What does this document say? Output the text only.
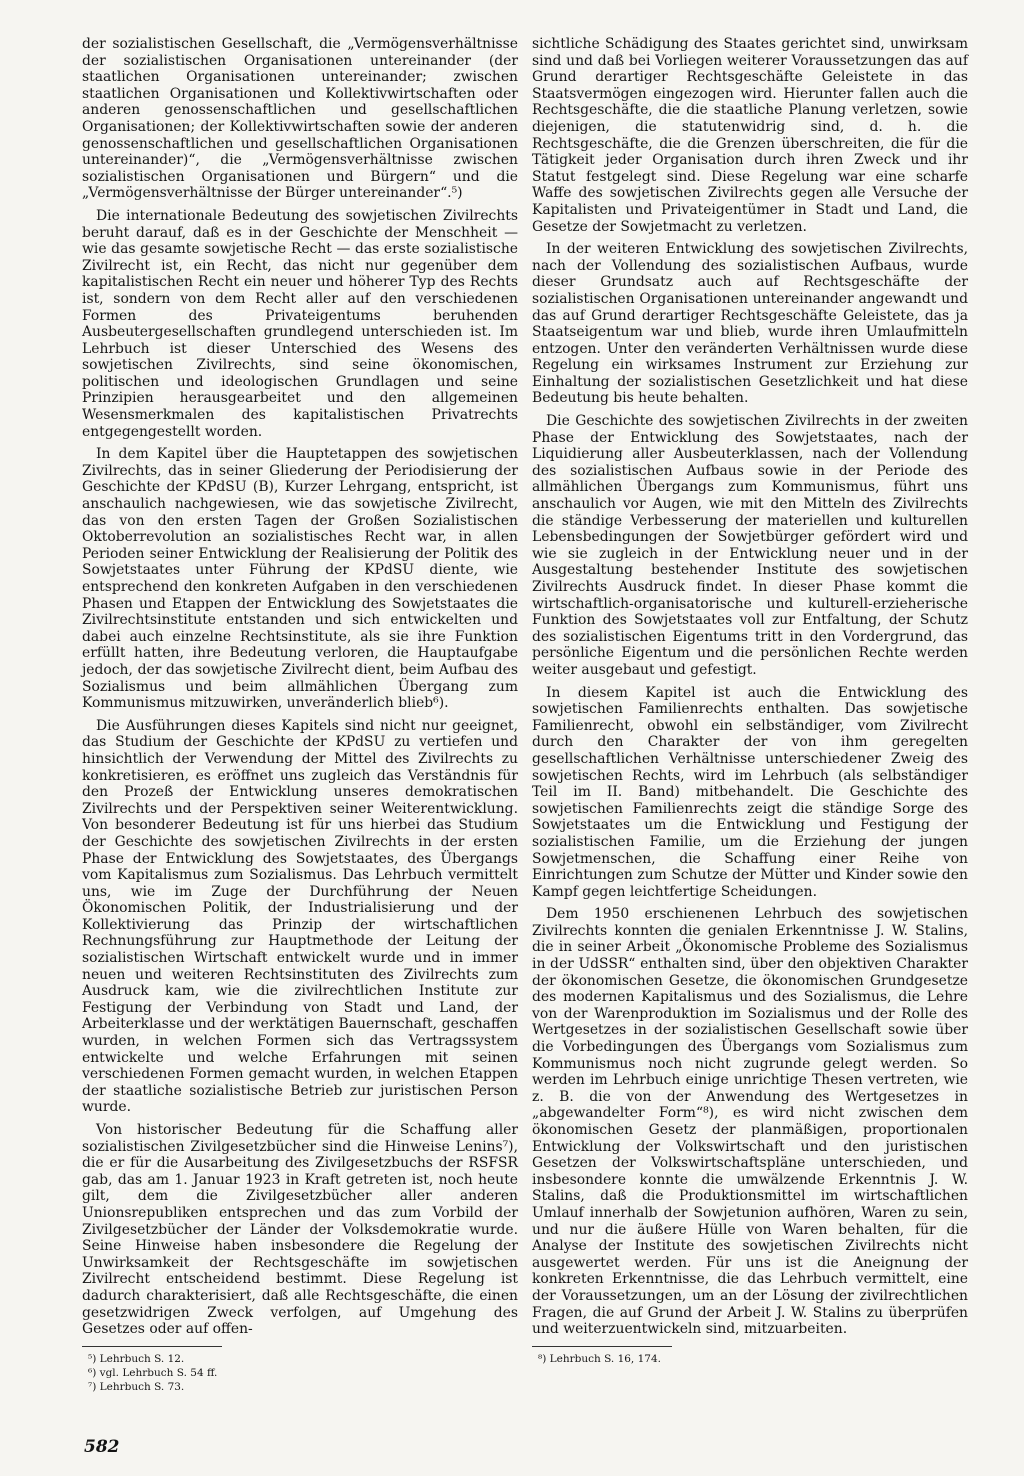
der sozialistischen Gesellschaft, die „Vermögensverhältnisse der sozialistischen Organisationen untereinander (der staatlichen Organisationen untereinander; zwischen staatlichen Organisationen und Kollektivwirtschaften oder anderen genossenschaftlichen und gesellschaftlichen Organisationen; der Kollektivwirtschaften sowie der anderen genossenschaftlichen und gesellschaftlichen Organisationen untereinander)“, die „Vermögensverhältnisse zwischen sozialistischen Organisationen und Bürgern“ und die „Vermögensverhältnisse der Bürger untereinander“.⁵)

Die internationale Bedeutung des sowjetischen Zivilrechts beruht darauf, daß es in der Geschichte der Menschheit — wie das gesamte sowjetische Recht — das erste sozialistische Zivilrecht ist, ein Recht, das nicht nur gegenüber dem kapitalistischen Recht ein neuer und höherer Typ des Rechts ist, sondern von dem Recht aller auf den verschiedenen Formen des Privateigentums beruhenden Ausbeutergesellschaften grundlegend unterschieden ist. Im Lehrbuch ist dieser Unterschied des Wesens des sowjetischen Zivilrechts, sind seine ökonomischen, politischen und ideologischen Grundlagen und seine Prinzipien herausgearbeitet und den allgemeinen Wesensmerkmalen des kapitalistischen Privatrechts entgegengestellt worden.

In dem Kapitel über die Hauptetappen des sowjetischen Zivilrechts, das in seiner Gliederung der Periodisierung der Geschichte der KPdSU (B), Kurzer Lehrgang, entspricht, ist anschaulich nachgewiesen, wie das sowjetische Zivilrecht, das von den ersten Tagen der Großen Sozialistischen Oktoberrevolution an sozialistisches Recht war, in allen Perioden seiner Entwicklung der Realisierung der Politik des Sowjetstaates unter Führung der KPdSU diente, wie entsprechend den konkreten Aufgaben in den verschiedenen Phasen und Etappen der Entwicklung des Sowjetstaates die Zivilrechtsinstitute entstanden und sich entwickelten und dabei auch einzelne Rechtsinstitute, als sie ihre Funktion erfüllt hatten, ihre Bedeutung verloren, die Hauptaufgabe jedoch, der das sowjetische Zivilrecht dient, beim Aufbau des Sozialismus und beim allmählichen Übergang zum Kommunismus mitzuwirken, unveränderlich blieb⁶).

Die Ausführungen dieses Kapitels sind nicht nur geeignet, das Studium der Geschichte der KPdSU zu vertiefen und hinsichtlich der Verwendung der Mittel des Zivilrechts zu konkretisieren, es eröffnet uns zugleich das Verständnis für den Prozeß der Entwicklung unseres demokratischen Zivilrechts und der Perspektiven seiner Weiterentwicklung. Von besonderer Bedeutung ist für uns hierbei das Studium der Geschichte des sowjetischen Zivilrechts in der ersten Phase der Entwicklung des Sowjetstaates, des Übergangs vom Kapitalismus zum Sozialismus. Das Lehrbuch vermittelt uns, wie im Zuge der Durchführung der Neuen Ökonomischen Politik, der Industrialisierung und der Kollektivierung das Prinzip der wirtschaftlichen Rechnungsführung zur Hauptmethode der Leitung der sozialistischen Wirtschaft entwickelt wurde und in immer neuen und weiteren Rechtsinstituten des Zivilrechts zum Ausdruck kam, wie die zivilrechtlichen Institute zur Festigung der Verbindung von Stadt und Land, der Arbeiterklasse und der werktätigen Bauernschaft, geschaffen wurden, in welchen Formen sich das Vertragssystem entwickelte und welche Erfahrungen mit seinen verschiedenen Formen gemacht wurden, in welchen Etappen der staatliche sozialistische Betrieb zur juristischen Person wurde.

Von historischer Bedeutung für die Schaffung aller sozialistischen Zivilgesetzbücher sind die Hinweise Lenins⁷), die er für die Ausarbeitung des Zivilgesetzbuchs der RSFSR gab, das am 1. Januar 1923 in Kraft getreten ist, noch heute gilt, dem die Zivilgesetzbücher aller anderen Unionsrepubliken entsprechen und das zum Vorbild der Zivilgesetzbücher der Länder der Volksdemokratie wurde. Seine Hinweise haben insbesondere die Regelung der Unwirksamkeit der Rechtsgeschäfte im sowjetischen Zivilrecht entscheidend bestimmt. Diese Regelung ist dadurch charakterisiert, daß alle Rechtsgeschäfte, die einen gesetzwidrigen Zweck verfolgen, auf Umgehung des Gesetzes oder auf offen-

⁵) Lehrbuch S. 12.
⁶) vgl. Lehrbuch S. 54 ff.
⁷) Lehrbuch S. 73.

sichtliche Schädigung des Staates gerichtet sind, unwirksam sind und daß bei Vorliegen weiterer Voraussetzungen das auf Grund derartiger Rechtsgeschäfte Geleistete in das Staatsvermögen eingezogen wird. Hierunter fallen auch die Rechtsgeschäfte, die die staatliche Planung verletzen, sowie diejenigen, die statutenwidrig sind, d. h. die Rechtsgeschäfte, die die Grenzen überschreiten, die für die Tätigkeit jeder Organisation durch ihren Zweck und ihr Statut festgelegt sind. Diese Regelung war eine scharfe Waffe des sowjetischen Zivilrechts gegen alle Versuche der Kapitalisten und Privateigentümer in Stadt und Land, die Gesetze der Sowjetmacht zu verletzen.

In der weiteren Entwicklung des sowjetischen Zivilrechts, nach der Vollendung des sozialistischen Aufbaus, wurde dieser Grundsatz auch auf Rechtsgeschäfte der sozialistischen Organisationen untereinander angewandt und das auf Grund derartiger Rechtsgeschäfte Geleistete, das ja Staatseigentum war und blieb, wurde ihren Umlaufmitteln entzogen. Unter den veränderten Verhältnissen wurde diese Regelung ein wirksames Instrument zur Erziehung zur Einhaltung der sozialistischen Gesetzlichkeit und hat diese Bedeutung bis heute behalten.

Die Geschichte des sowjetischen Zivilrechts in der zweiten Phase der Entwicklung des Sowjetstaates, nach der Liquidierung aller Ausbeuterklassen, nach der Vollendung des sozialistischen Aufbaus sowie in der Periode des allmählichen Übergangs zum Kommunismus, führt uns anschaulich vor Augen, wie mit den Mitteln des Zivilrechts die ständige Verbesserung der materiellen und kulturellen Lebensbedingungen der Sowjetbürger gefördert wird und wie sie zugleich in der Entwicklung neuer und in der Ausgestaltung bestehender Institute des sowjetischen Zivilrechts Ausdruck findet. In dieser Phase kommt die wirtschaftlich-organisatorische und kulturell-erzieherische Funktion des Sowjetstaates voll zur Entfaltung, der Schutz des sozialistischen Eigentums tritt in den Vordergrund, das persönliche Eigentum und die persönlichen Rechte werden weiter ausgebaut und gefestigt.

In diesem Kapitel ist auch die Entwicklung des sowjetischen Familienrechts enthalten. Das sowjetische Familienrecht, obwohl ein selbständiger, vom Zivilrecht durch den Charakter der von ihm geregelten gesellschaftlichen Verhältnisse unterschiedener Zweig des sowjetischen Rechts, wird im Lehrbuch (als selbständiger Teil im II. Band) mitbehandelt. Die Geschichte des sowjetischen Familienrechts zeigt die ständige Sorge des Sowjetstaates um die Entwicklung und Festigung der sozialistischen Familie, um die Erziehung der jungen Sowjetmenschen, die Schaffung einer Reihe von Einrichtungen zum Schutze der Mütter und Kinder sowie den Kampf gegen leichtfertige Scheidungen.

Dem 1950 erschienenen Lehrbuch des sowjetischen Zivilrechts konnten die genialen Erkenntnisse J. W. Stalins, die in seiner Arbeit „Ökonomische Probleme des Sozialismus in der UdSSR“ enthalten sind, über den objektiven Charakter der ökonomischen Gesetze, die ökonomischen Grundgesetze des modernen Kapitalismus und des Sozialismus, die Lehre von der Warenproduktion im Sozialismus und der Rolle des Wertgesetzes in der sozialistischen Gesellschaft sowie über die Vorbedingungen des Übergangs vom Sozialismus zum Kommunismus noch nicht zugrunde gelegt werden. So werden im Lehrbuch einige unrichtige Thesen vertreten, wie z. B. die von der Anwendung des Wertgesetzes in „abgewandelter Form“⁸), es wird nicht zwischen dem ökonomischen Gesetz der planmäßigen, proportionalen Entwicklung der Volkswirtschaft und den juristischen Gesetzen der Volkswirtschaftspläne unterschieden, und insbesondere konnte die umwälzende Erkenntnis J. W. Stalins, daß die Produktionsmittel im wirtschaftlichen Umlauf innerhalb der Sowjetunion aufhören, Waren zu sein, und nur die äußere Hülle von Waren behalten, für die Analyse der Institute des sowjetischen Zivilrechts nicht ausgewertet werden. Für uns ist die Aneignung der konkreten Erkenntnisse, die das Lehrbuch vermittelt, eine der Voraussetzungen, um an der Lösung der zivilrechtlichen Fragen, die auf Grund der Arbeit J. W. Stalins zu überprüfen und weiterzuentwickeln sind, mitzuarbeiten.

⁸) Lehrbuch S. 16, 174.
582
